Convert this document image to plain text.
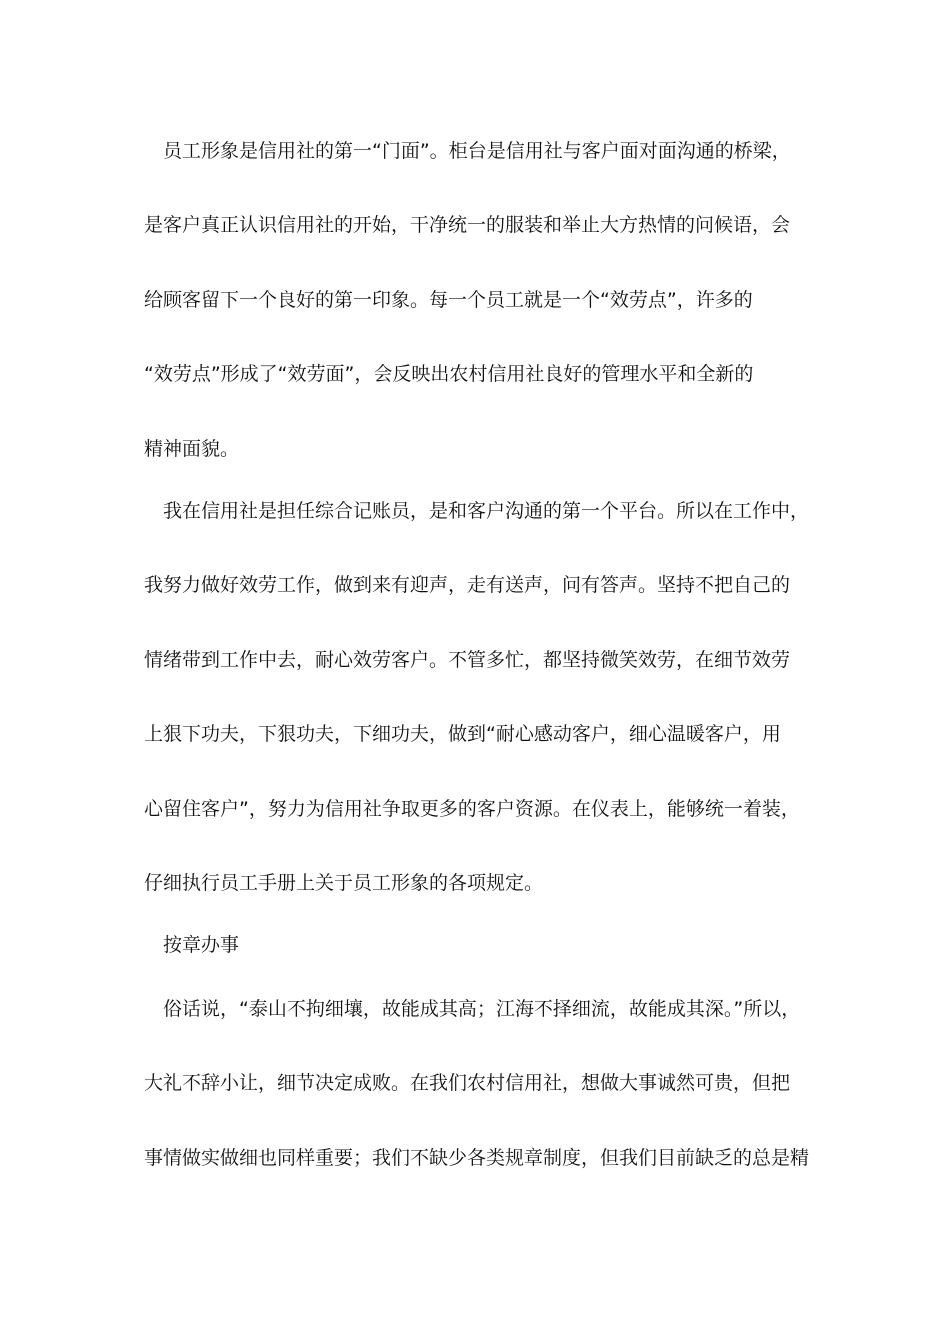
员工形象是信用社的第一“门面”。柜台是信用社与客户面对面沟通的桥梁，
是客户真正认识信用社的开始，干净统一的服装和举止大方热情的问候语，会
给顾客留下一个良好的第一印象。每一个员工就是一个“效劳点”，许多的
“效劳点”形成了“效劳面”，会反映出农村信用社良好的管理水平和全新的
精神面貌。
我在信用社是担任综合记账员，是和客户沟通的第一个平台。所以在工作中，
我努力做好效劳工作，做到来有迎声，走有送声，问有答声。坚持不把自己的
情绪带到工作中去，耐心效劳客户。不管多忙，都坚持微笑效劳，在细节效劳
上狠下功夫，下狠功夫，下细功夫，做到“耐心感动客户，细心温暖客户，用
心留住客户”，努力为信用社争取更多的客户资源。在仪表上，能够统一着装，
仔细执行员工手册上关于员工形象的各项规定。
按章办事
俗话说，“泰山不拘细壤，故能成其高；江海不择细流，故能成其深。”所以，
大礼不辞小让，细节决定成败。在我们农村信用社，想做大事诚然可贵，但把
事情做实做细也同样重要；我们不缺少各类规章制度，但我们目前缺乏的总是精
